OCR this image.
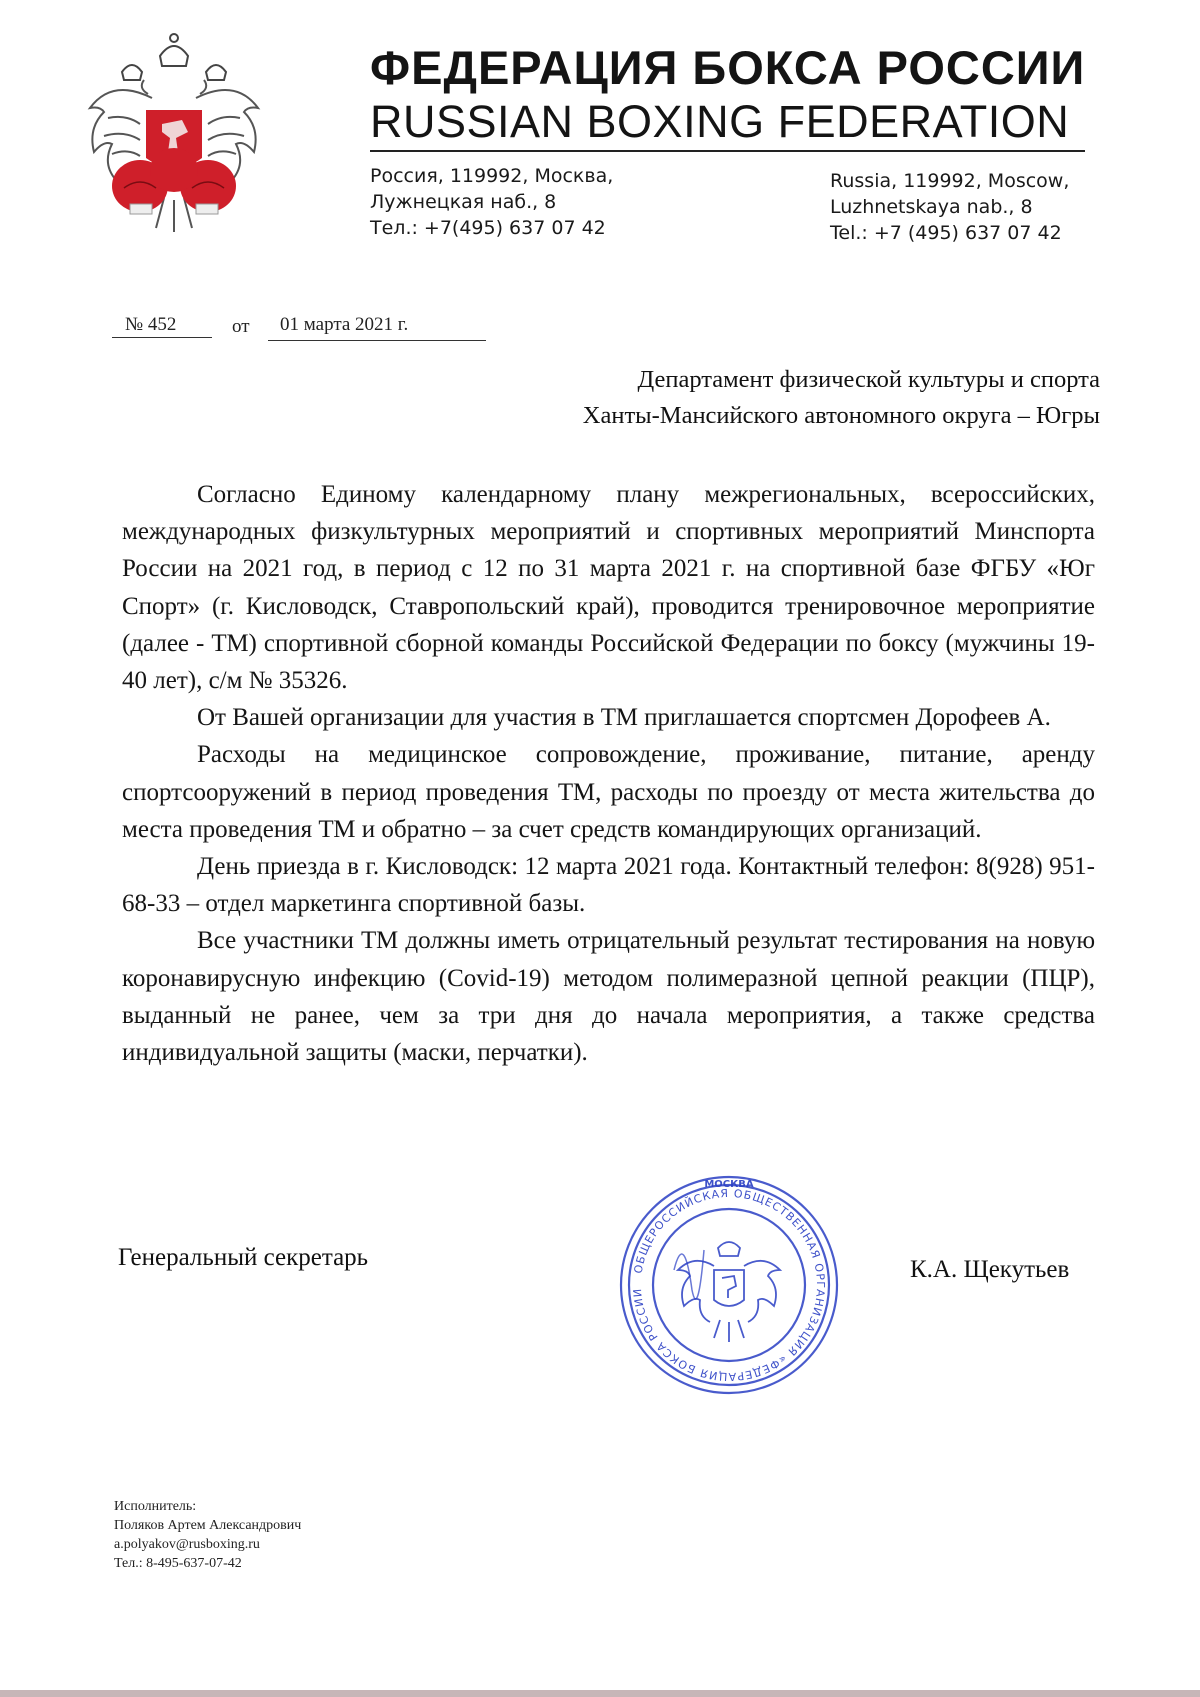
ФЕДЕРАЦИЯ БОКСА РОССИИ
RUSSIAN BOXING FEDERATION
Россия, 119992, Москва,
Лужнецкая наб., 8
Тел.: +7(495) 637 07 42
Russia, 119992, Moscow,
Luzhnetskaya nab., 8
Tel.: +7 (495) 637 07 42
№ 452	от 01 марта 2021 г.
Департамент физической культуры и спорта
Ханты-Мансийского автономного округа – Югры

Согласно Единому календарному плану межрегиональных, всероссийских, международных физкультурных мероприятий и спортивных мероприятий Минспорта России на 2021 год, в период с 12 по 31 марта 2021 г. на спортивной базе ФГБУ «Юг Спорт» (г. Кисловодск, Ставропольский край), проводится тренировочное мероприятие (далее - ТМ) спортивной сборной команды Российской Федерации по боксу (мужчины 19-40 лет), с/м № 35326.

От Вашей организации для участия в ТМ приглашается спортсмен Дорофеев А.

Расходы на медицинское сопровождение, проживание, питание, аренду спортсооружений в период проведения ТМ, расходы по проезду от места жительства до места проведения ТМ и обратно – за счет средств командирующих организаций.

День приезда в г. Кисловодск: 12 марта 2021 года. Контактный телефон: 8(928) 951-68-33 – отдел маркетинга спортивной базы.

Все участники ТМ должны иметь отрицательный результат тестирования на новую коронавирусную инфекцию (Covid-19) методом полимеразной цепной реакции (ПЦР), выданный не ранее, чем за три дня до начала мероприятия, а также средства индивидуальной защиты (маски, перчатки).

Генеральный секретарь	К.А. Щекутьев
ОБЩЕРОССИЙСКАЯ ОБЩЕСТВЕННАЯ ОРГАНИЗАЦИЯ «ФЕДЕРАЦИЯ БОКСА РОССИИ
МОСКВА
Исполнитель:
Поляков Артем Александрович
a.polyakov@rusboxing.ru
Тел.: 8-495-637-07-42
